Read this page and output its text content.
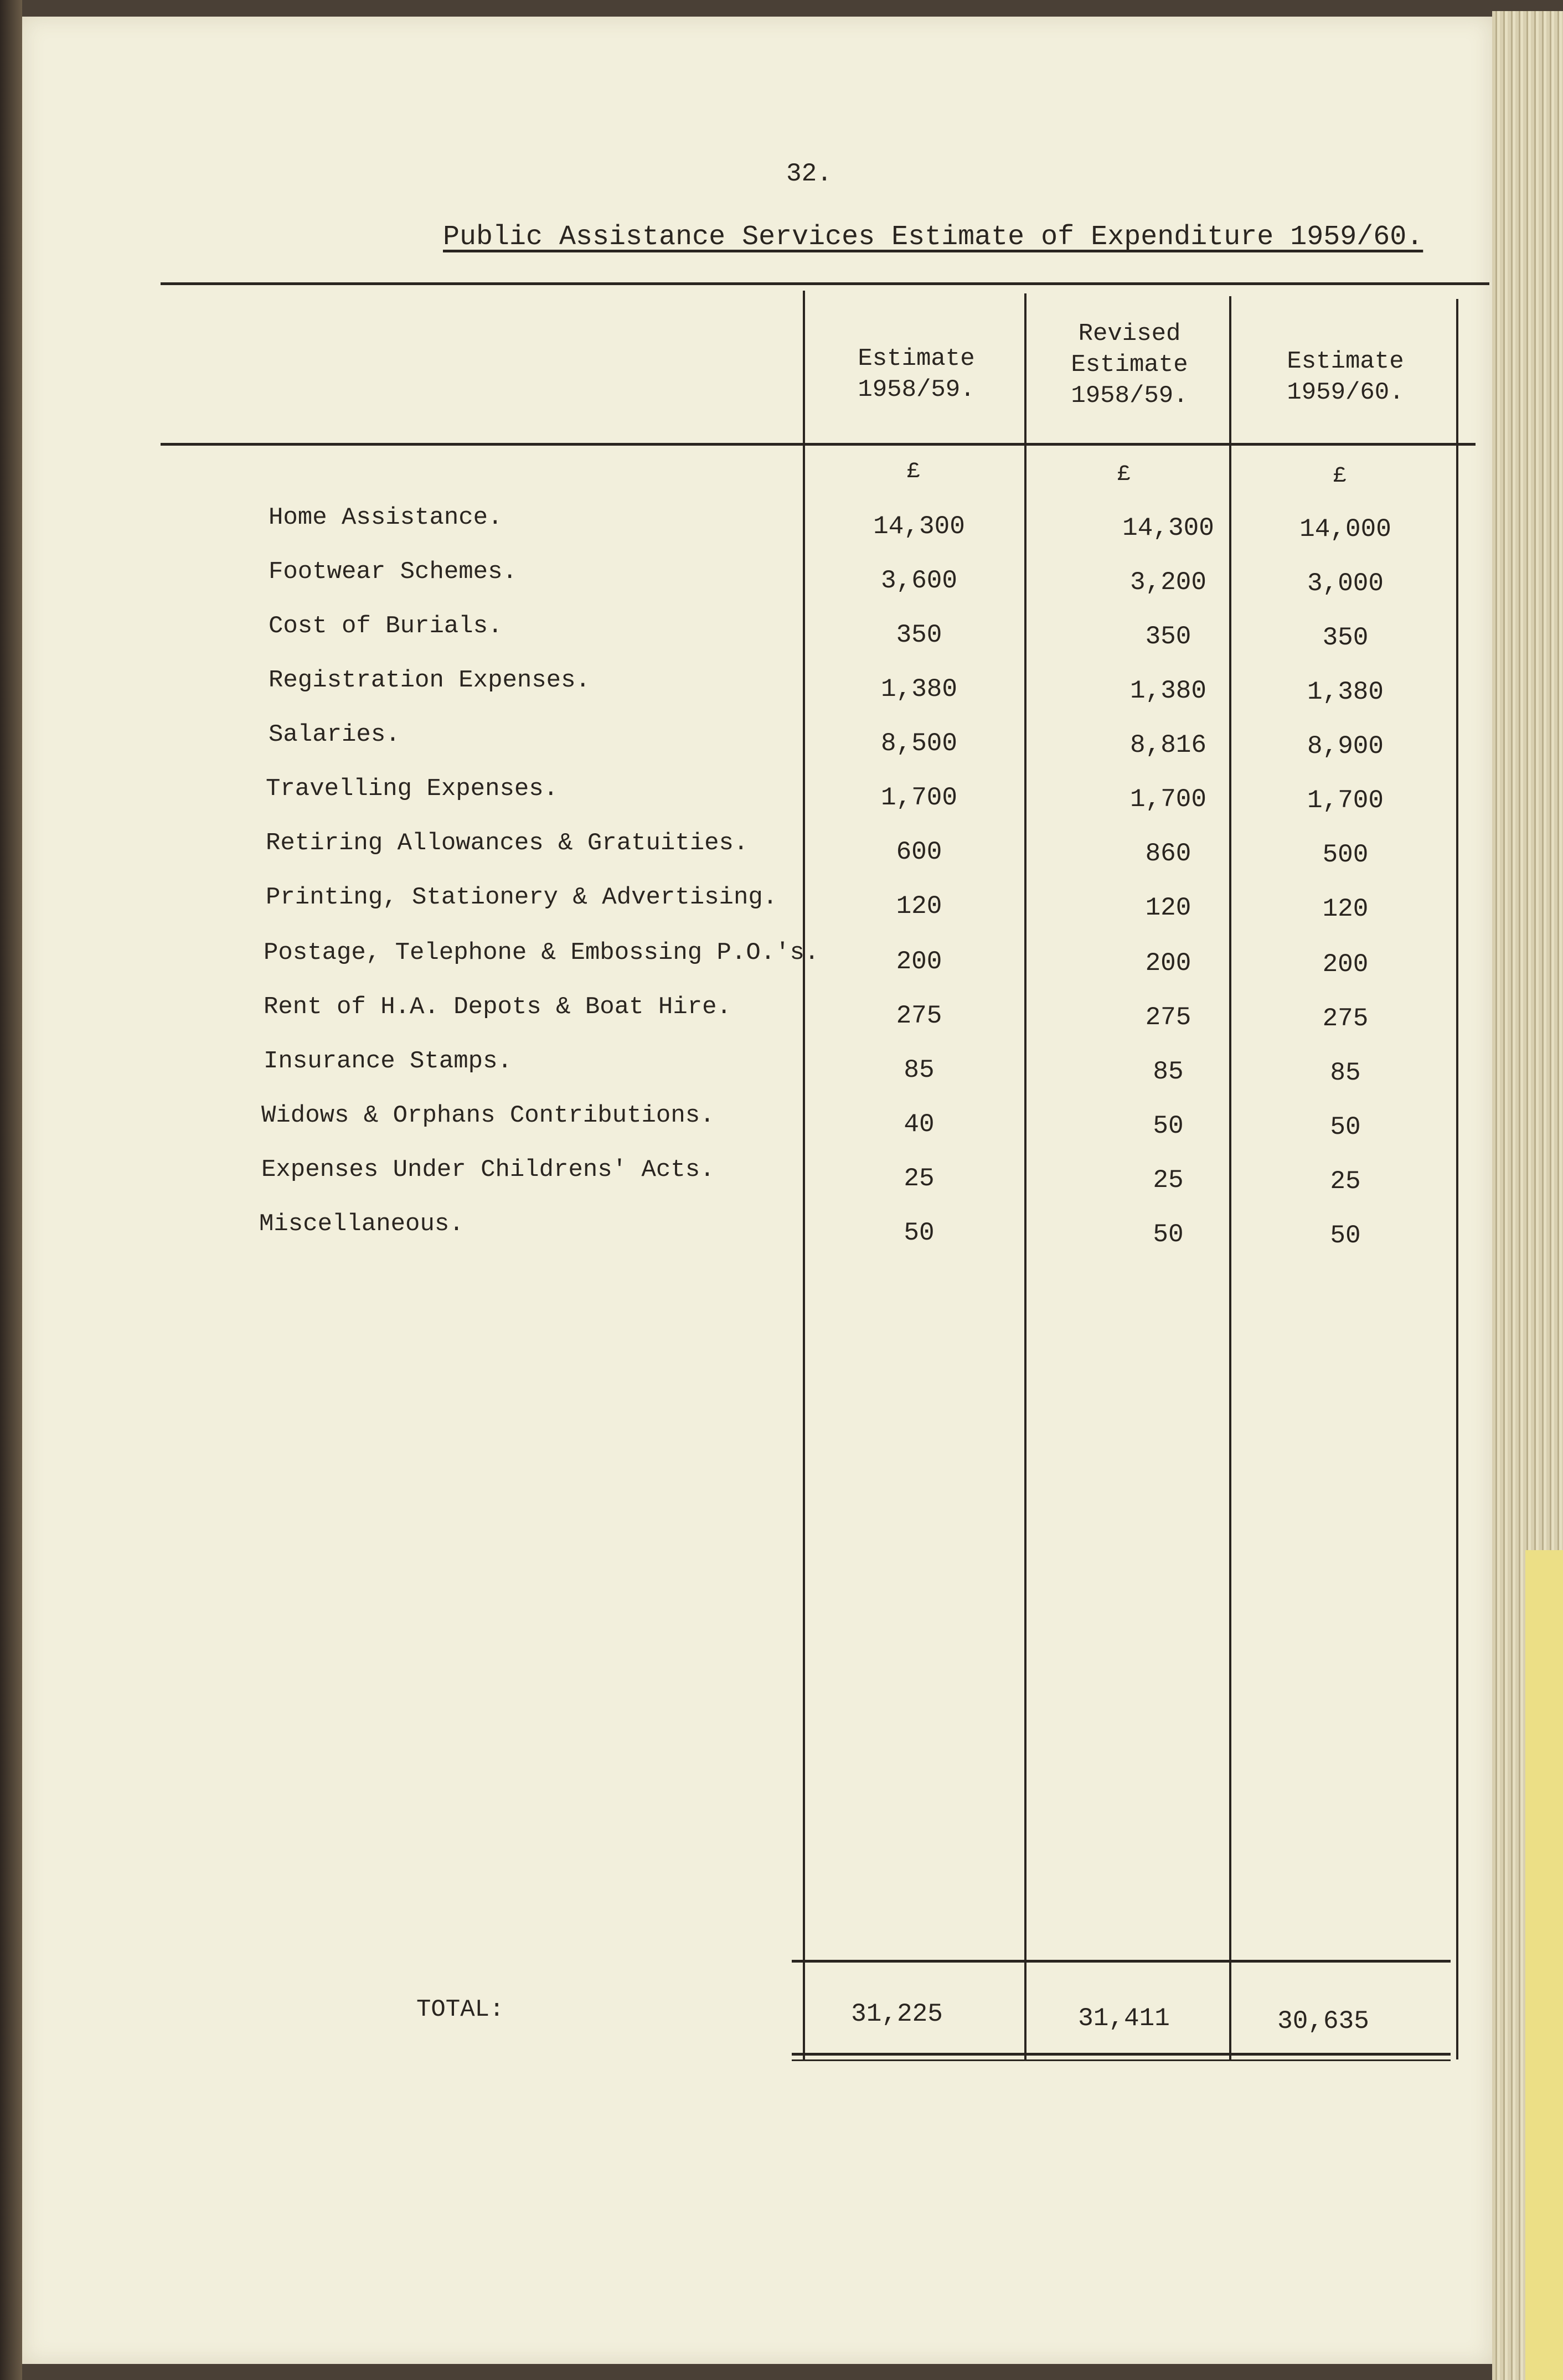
32.
Public Assistance Services Estimate of Expenditure 1959/60.
Estimate
1958/59.
Revised
Estimate
1958/59.
Estimate
1959/60.
£	£	£
Home Assistance.	14,300	14,300	14,000
Footwear Schemes.	3,600	3,200	3,000
Cost of Burials.	350	350	350
Registration Expenses.	1,380	1,380	1,380
Salaries.	8,500	8,816	8,900
Travelling Expenses.	1,700	1,700	1,700
Retiring Allowances & Gratuities.	600	860	500
Printing, Stationery & Advertising.	120	120	120
Postage, Telephone & Embossing P.O.'s.	200	200	200
Rent of H.A. Depots & Boat Hire.	275	275	275
Insurance Stamps.	85	85	85
Widows & Orphans Contributions.	40	50	50
Expenses Under Childrens' Acts.	25	25	25
Miscellaneous.	50	50	50
TOTAL:	31,225	31,411	30,635
